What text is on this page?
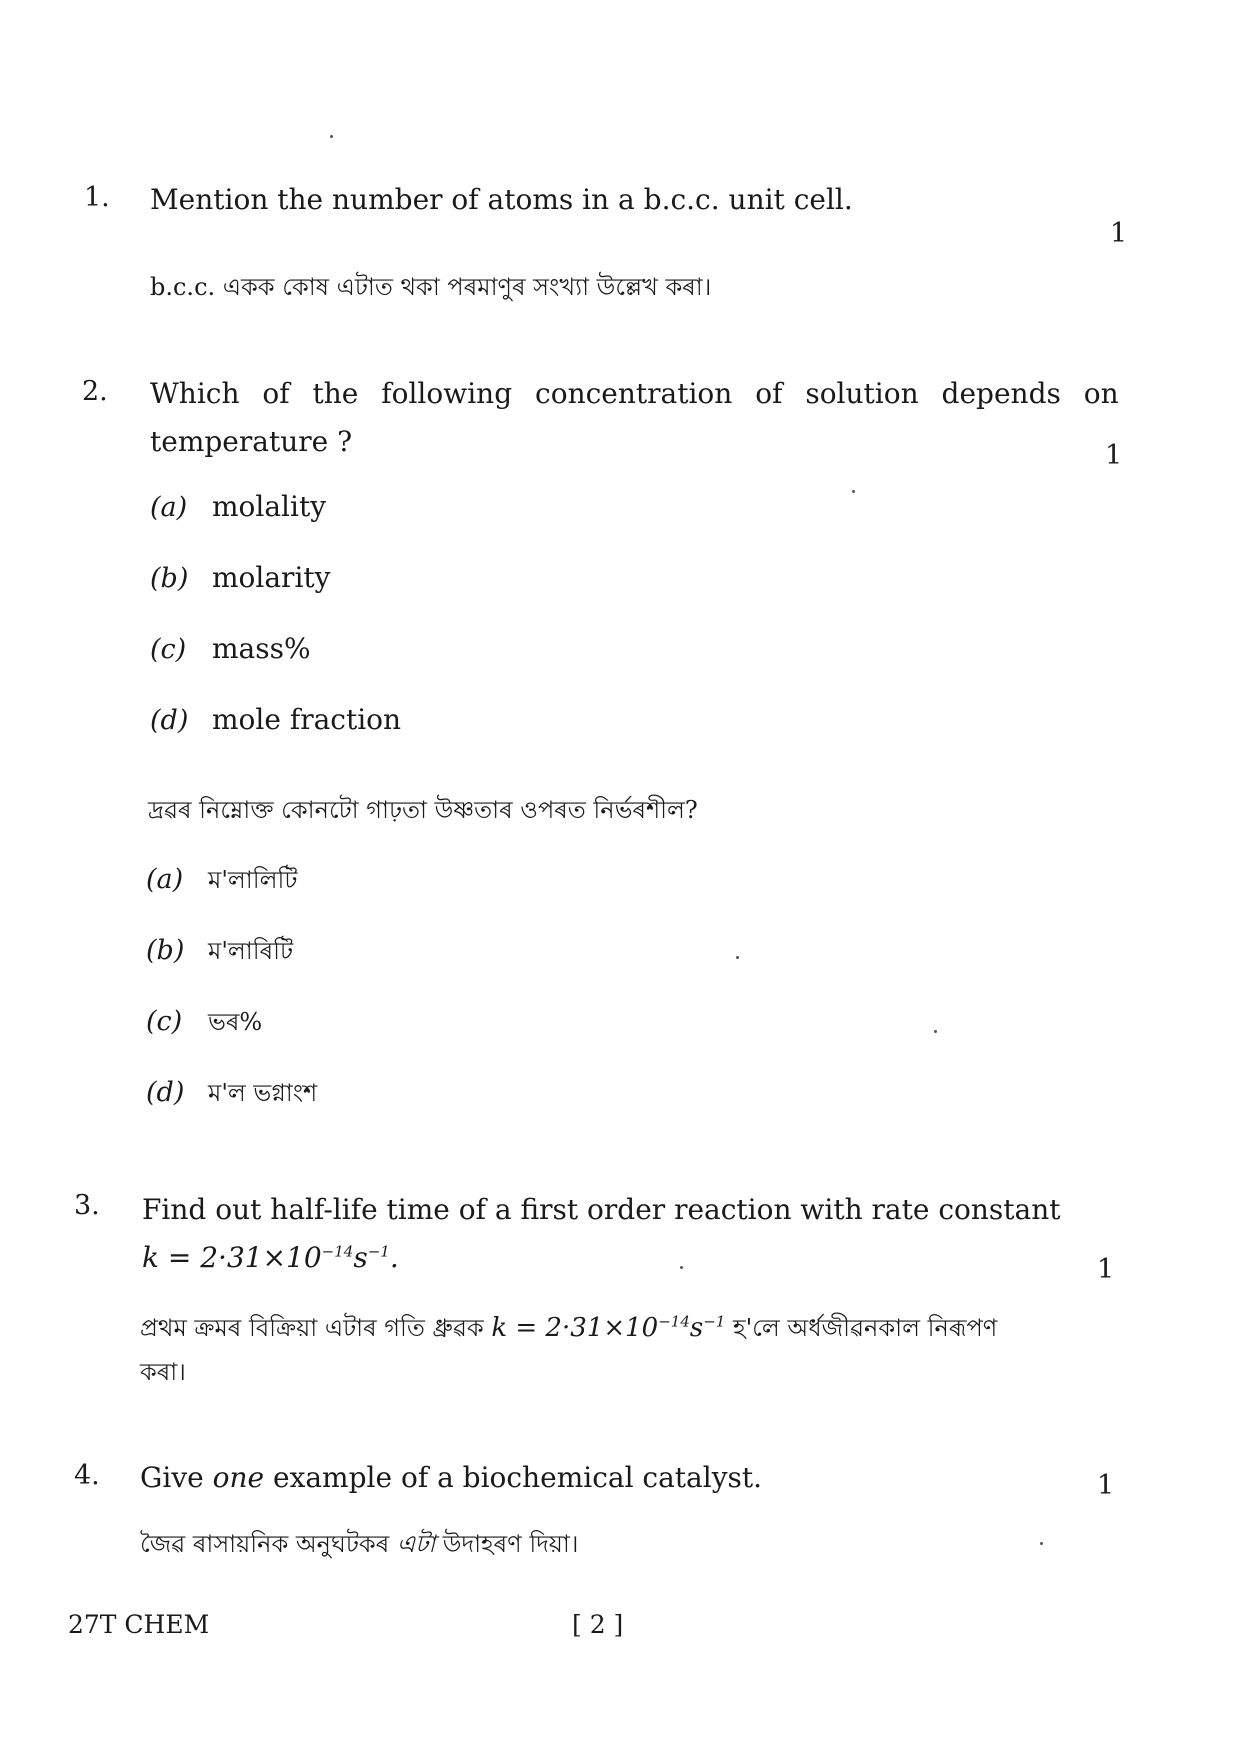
1. Mention the number of atoms in a b.c.c. unit cell.
1
b.c.c. একক কোষ এটাত থকা পৰমাণুৰ সংখ্যা উল্লেখ কৰা।
2. Which of the following concentration of solution depends on
temperature ?	1
(a) molality
(b) molarity
(c) mass%
(d) mole fraction
দ্ৰৱৰ নিম্নোক্ত কোনটো গাঢ়তা উষ্ণতাৰ ওপৰত নিৰ্ভৰশীল?
(a) ম'লালিটি
(b) ম'লাৰিটি
(c) ভৰ%
(d) ম'ল ভগ্নাংশ
3. Find out half-life time of a first order reaction with rate constant
$k = 2\cdot 31\times 10^{-14}s^{-1}$.	1
প্ৰথম ক্ৰমৰ বিক্ৰিয়া এটাৰ গতি ধ্ৰুৱক $k = 2\cdot 31\times 10^{-14}s^{-1}$ হ'লে অৰ্ধজীৱনকাল নিৰূপণ
কৰা।
4. Give one example of a biochemical catalyst.	1
জৈৱ ৰাসায়নিক অনুঘটকৰ এটা উদাহৰণ দিয়া।
27T CHEM	[ 2 ]
